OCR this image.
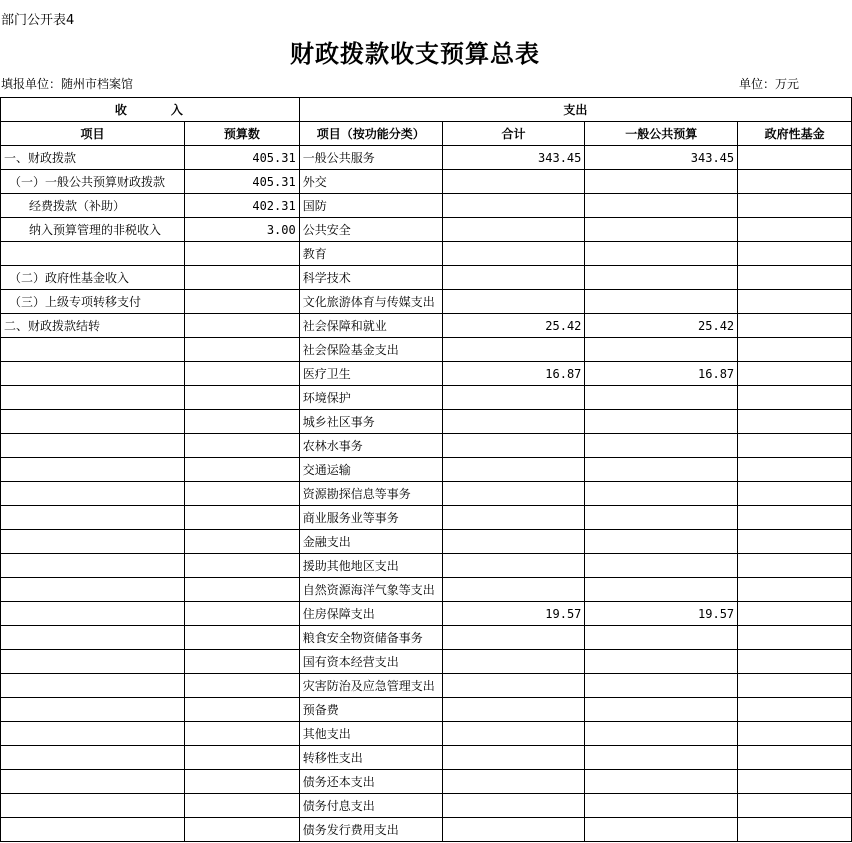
部门公开表4
财政拨款收支预算总表
填报单位：随州市档案馆	单位：万元
收　　　入		支出			
项目	预算数	项目（按功能分类）	合计	一般公共预算	政府性基金
一、财政拨款	405.31	一般公共服务	343.45	343.45	
（一）一般公共预算财政拨款	405.31	外交			
经费拨款（补助）	402.31	国防			
纳入预算管理的非税收入	3.00	公共安全			
		教育			
（二）政府性基金收入		科学技术			
（三）上级专项转移支付		文化旅游体育与传媒支出			
二、财政拨款结转		社会保障和就业	25.42	25.42	
		社会保险基金支出			
		医疗卫生	16.87	16.87	
		环境保护			
		城乡社区事务			
		农林水事务			
		交通运输			
		资源勘探信息等事务			
		商业服务业等事务			
		金融支出			
		援助其他地区支出			
		自然资源海洋气象等支出			
		住房保障支出	19.57	19.57	
		粮食安全物资储备事务			
		国有资本经营支出			
		灾害防治及应急管理支出			
		预备费			
		其他支出			
		转移性支出			
		债务还本支出			
		债务付息支出			
		债务发行费用支出			
